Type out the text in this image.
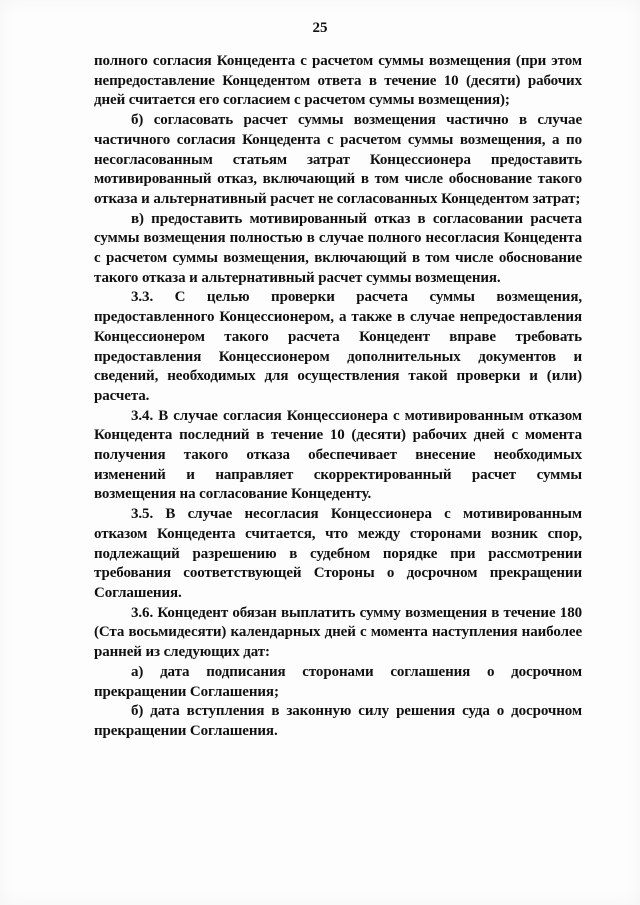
25

полного согласия Концедента с расчетом суммы возмещения (при этом непредоставление Концедентом ответа в течение 10 (десяти) рабочих дней считается его согласием с расчетом суммы возмещения);

б) согласовать расчет суммы возмещения частично в случае частичного согласия Концедента с расчетом суммы возмещения, а по несогласованным статьям затрат Концессионера предоставить мотивированный отказ, включающий в том числе обоснование такого отказа и альтернативный расчет не согласованных Концедентом затрат;

в) предоставить мотивированный отказ в согласовании расчета суммы возмещения полностью в случае полного несогласия Концедента с расчетом суммы возмещения, включающий в том числе обоснование такого отказа и альтернативный расчет суммы возмещения.

3.3. С целью проверки расчета суммы возмещения, предоставленного Концессионером, а также в случае непредоставления Концессионером такого расчета Концедент вправе требовать предоставления Концессионером дополнительных документов и сведений, необходимых для осуществления такой проверки и (или) расчета.

3.4. В случае согласия Концессионера с мотивированным отказом Концедента последний в течение 10 (десяти) рабочих дней с момента получения такого отказа обеспечивает внесение необходимых изменений и направляет скорректированный расчет суммы возмещения на согласование Концеденту.

3.5. В случае несогласия Концессионера с мотивированным отказом Концедента считается, что между сторонами возник спор, подлежащий разрешению в судебном порядке при рассмотрении требования соответствующей Стороны о досрочном прекращении Соглашения.

3.6. Концедент обязан выплатить сумму возмещения в течение 180 (Ста восьмидесяти) календарных дней с момента наступления наиболее ранней из следующих дат:

а) дата подписания сторонами соглашения о досрочном прекращении Соглашения;

б) дата вступления в законную силу решения суда о досрочном прекращении Соглашения.
